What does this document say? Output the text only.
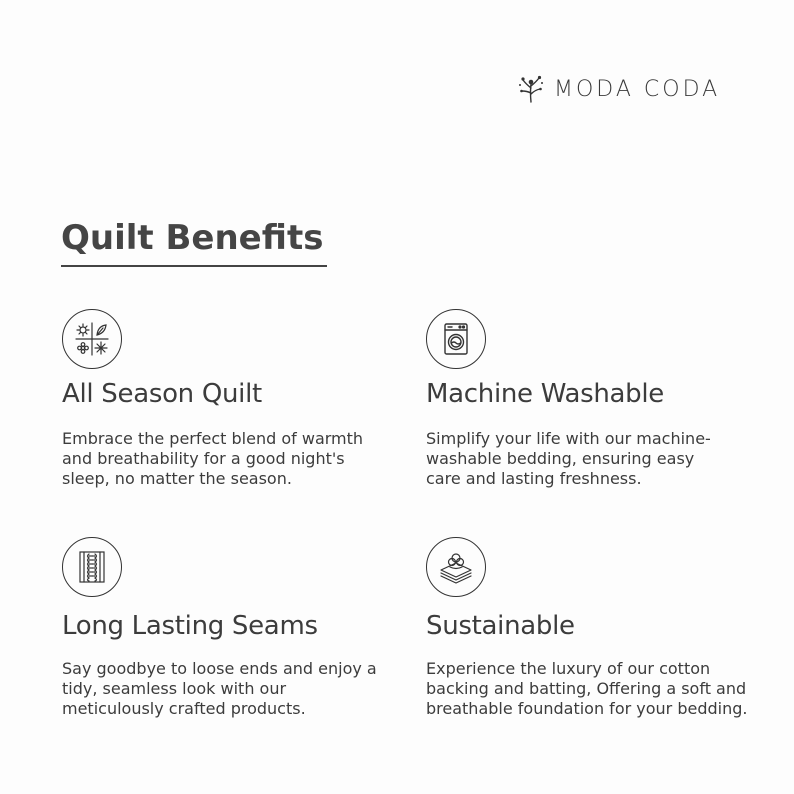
MODA CODA
Quilt Benefits
All Season Quilt

Embrace the perfect blend of warmth and breathability for a good night's sleep, no matter the season.

Machine Washable

Simplify your life with our machine-washable bedding, ensuring easy care and lasting freshness.

Long Lasting Seams

Say goodbye to loose ends and enjoy a tidy, seamless look with our meticulously crafted products.

Sustainable

Experience the luxury of our cotton backing and batting, Offering a soft and breathable foundation for your bedding.
